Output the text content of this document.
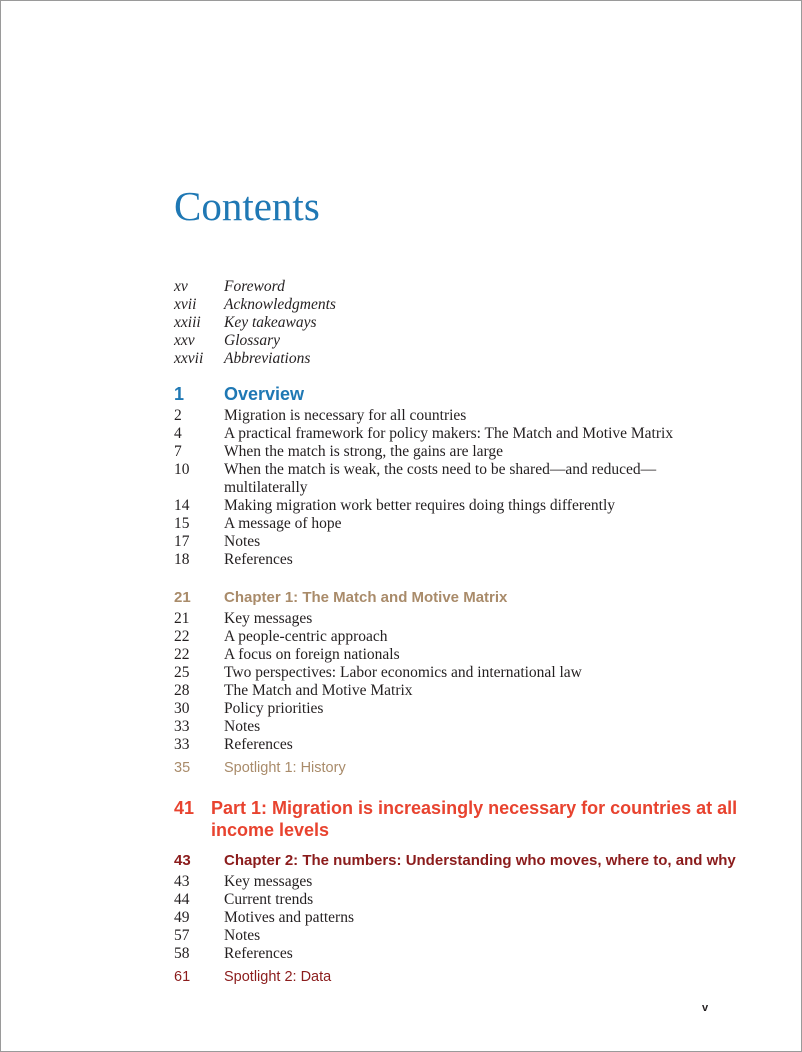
Contents
xv	Foreword
xvii	Acknowledgments
xxiii	Key takeaways
xxv	Glossary
xxvii	Abbreviations
1	Overview
2	Migration is necessary for all countries
4	A practical framework for policy makers: The Match and Motive Matrix
7	When the match is strong, the gains are large
10	When the match is weak, the costs need to be shared—and reduced—multilaterally
14	Making migration work better requires doing things differently
15	A message of hope
17	Notes
18	References
21	Chapter 1: The Match and Motive Matrix
21	Key messages
22	A people-centric approach
22	A focus on foreign nationals
25	Two perspectives: Labor economics and international law
28	The Match and Motive Matrix
30	Policy priorities
33	Notes
33	References
35	Spotlight 1: History
41 Part 1: Migration is increasingly necessary for countries at all income levels
43	Chapter 2: The numbers: Understanding who moves, where to, and why
43	Key messages
44	Current trends
49	Motives and patterns
57	Notes
58	References
61	Spotlight 2: Data
v
